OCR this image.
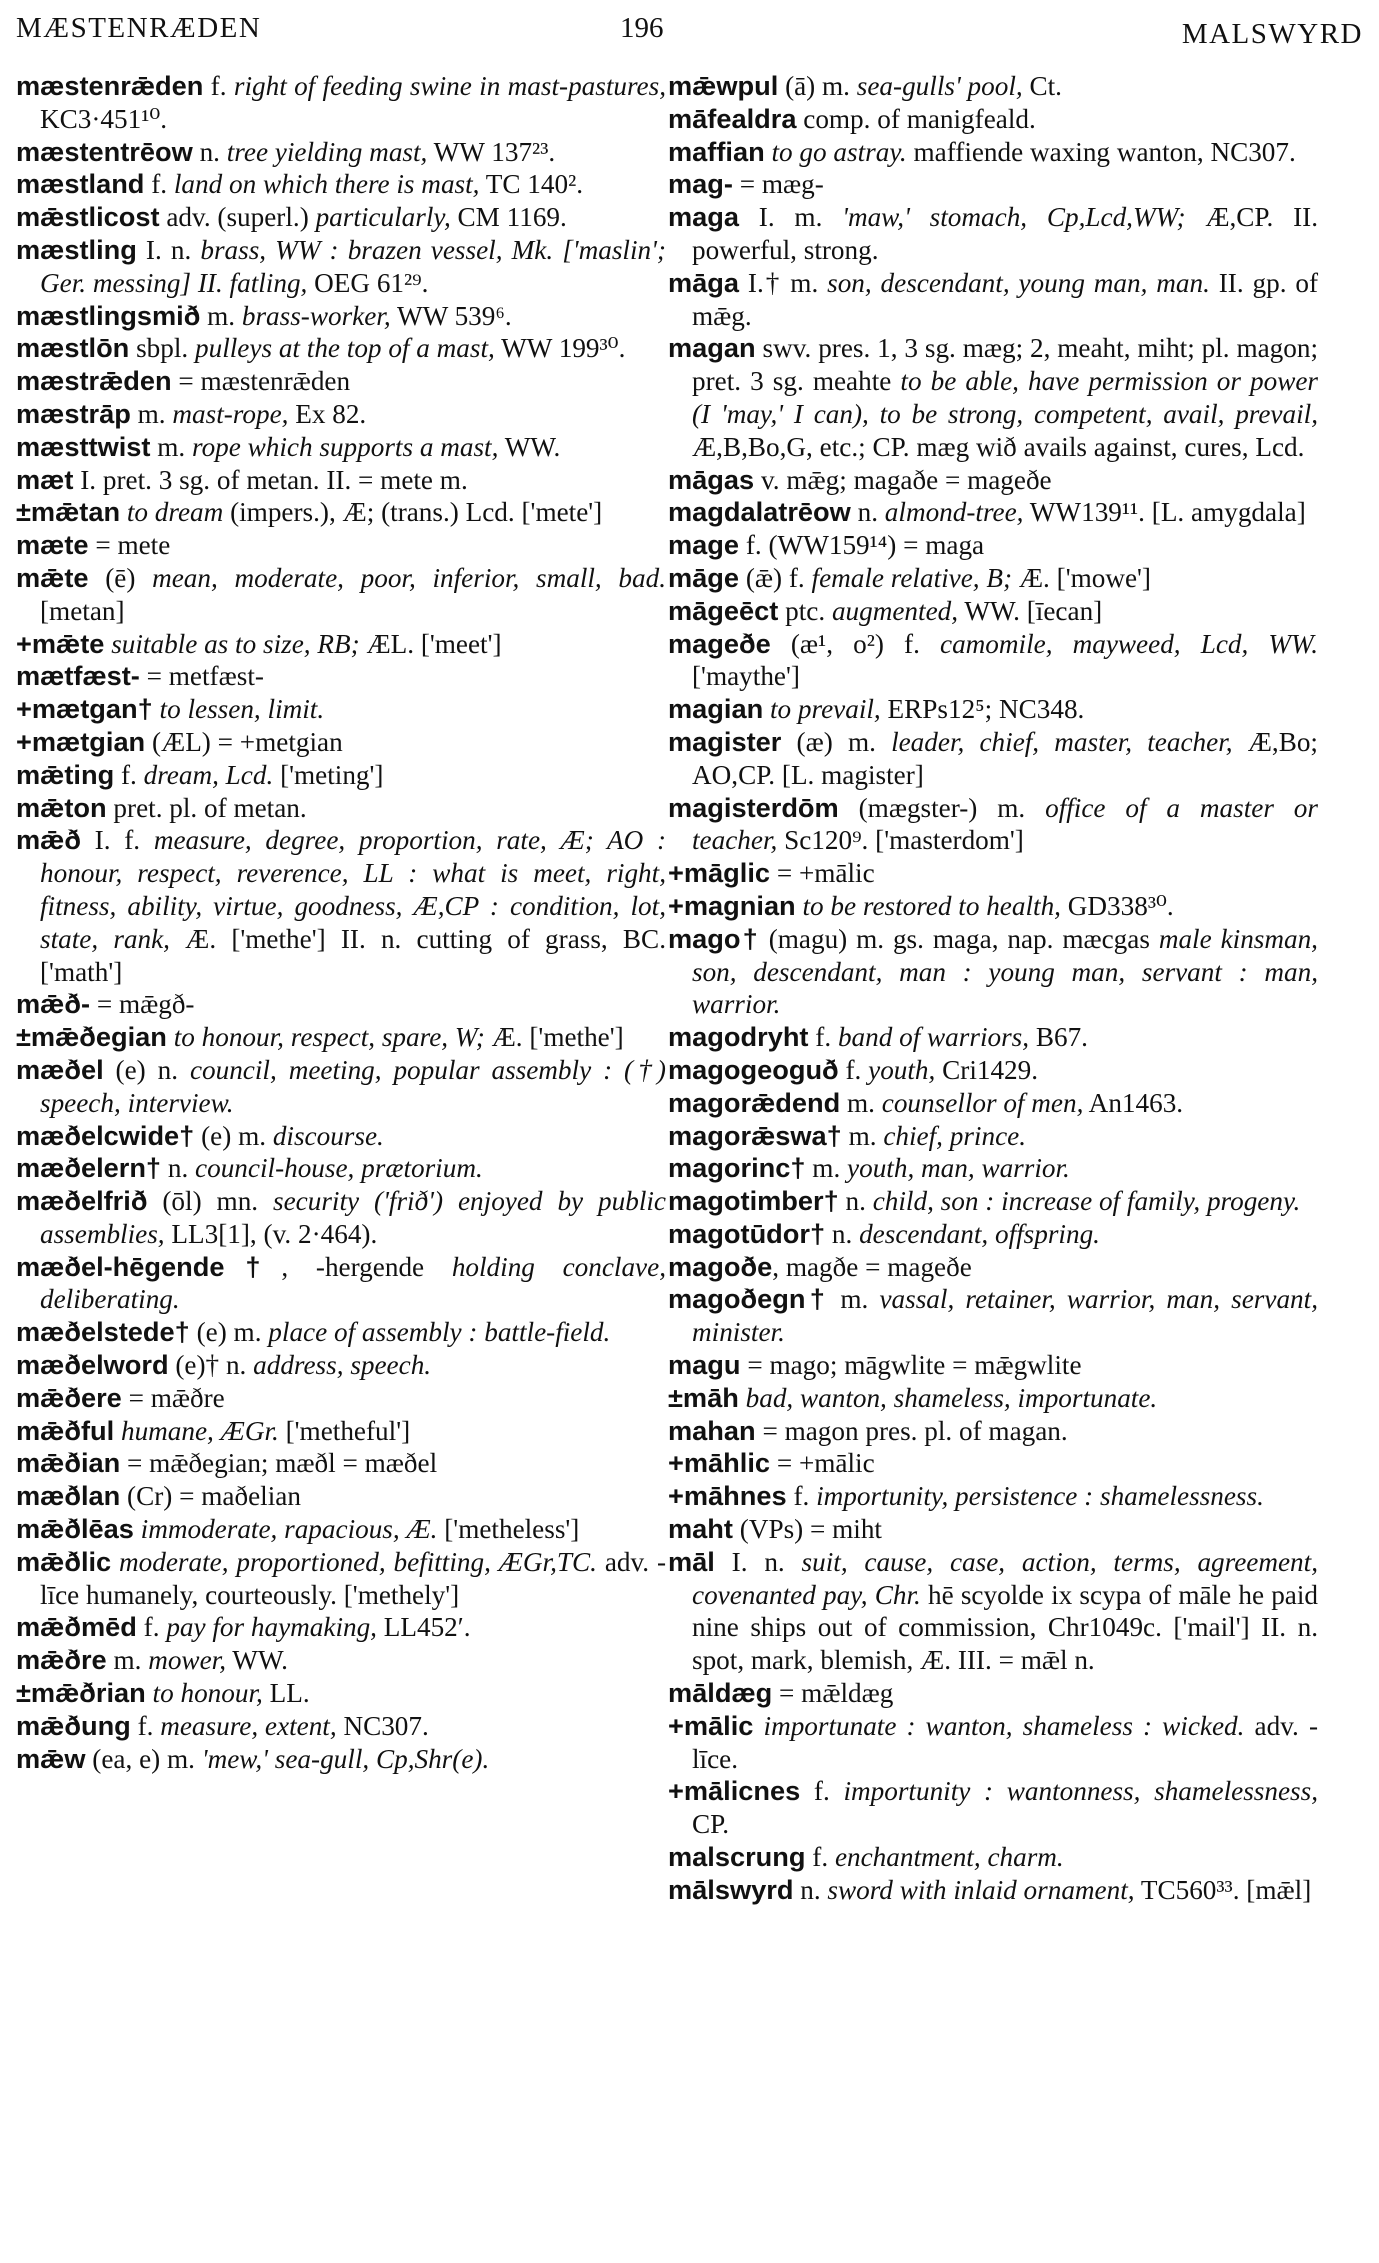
MÆSTENRÆDEN	196	MALSWYRD

mæstenrǣden f. right of feeding swine in mast-pastures, KC3·451¹⁰.

mæstentrēow n. tree yielding mast, WW 137²³.

mæstland f. land on which there is mast, TC 140².

mǣstlicost adv. (superl.) particularly, CM 1169.

mæstling I. n. brass, WW : brazen vessel, Mk. ['maslin'; Ger. messing] II. fatling, OEG 61²⁹.

mæstlingsmið m. brass-worker, WW 539⁶.

mæstlōn sbpl. pulleys at the top of a mast, WW 199³⁰.

mæstrǣden = mæstenrǣden

mæstrāp m. mast-rope, Ex 82.

mæsttwist m. rope which supports a mast, WW.

mæt I. pret. 3 sg. of metan. II. = mete m.

±mǣtan to dream (impers.), Æ; (trans.) Lcd. ['mete']

mæte = mete

mǣte (ē) mean, moderate, poor, inferior, small, bad. [metan]

+mǣte suitable as to size, RB; ÆL. ['meet']

mætfæst- = metfæst-

+mætgan† to lessen, limit.

+mætgian (ÆL) = +metgian

mǣting f. dream, Lcd. ['meting']

mǣton pret. pl. of metan.

mǣð I. f. measure, degree, proportion, rate, Æ; AO : honour, respect, reverence, LL : what is meet, right, fitness, ability, virtue, goodness, Æ,CP : condition, lot, state, rank, Æ. ['methe'] II. n. cutting of grass, BC. ['math']

mǣð- = mǣgð-

±mǣðegian to honour, respect, spare, W; Æ. ['methe']

mæðel (e) n. council, meeting, popular assembly : (†) speech, interview.

mæðelcwide† (e) m. discourse.

mæðelern† n. council-house, prætorium.

mæðelfrið (ōl) mn. security ('frið') enjoyed by public assemblies, LL3[1], (v. 2·464).

mæðel-hēgende†, -hergende holding conclave, deliberating.

mæðelstede† (e) m. place of assembly : battle-field.

mæðelword (e)† n. address, speech.

mǣðere = mǣðre

mǣðful humane, ÆGr. ['metheful']

mǣðian = mǣðegian; mæðl = mæðel

mæðlan (Cr) = maðelian

mǣðlēas immoderate, rapacious, Æ. ['metheless']

mǣðlic moderate, proportioned, befitting, ÆGr,TC. adv. -līce humanely, courteously. ['methely']

mǣðmēd f. pay for haymaking, LL452′.

mǣðre m. mower, WW.

±mǣðrian to honour, LL.

mǣðung f. measure, extent, NC307.

mǣw (ea, e) m. 'mew,' sea-gull, Cp,Shr(e).

mǣwpul (ā) m. sea-gulls' pool, Ct.

māfealdra comp. of manigfeald.

maffian to go astray. maffiende waxing wanton, NC307.

mag- = mæg-

maga I. m. 'maw,' stomach, Cp,Lcd,WW; Æ,CP. II. powerful, strong.

māga I.† m. son, descendant, young man, man. II. gp. of mǣg.

magan swv. pres. 1, 3 sg. mæg; 2, meaht, miht; pl. magon; pret. 3 sg. meahte to be able, have permission or power (I 'may,' I can), to be strong, competent, avail, prevail, Æ,B,Bo,G, etc.; CP. mæg wið avails against, cures, Lcd.

māgas v. mǣg; magaðe = mageðe

magdalatrēow n. almond-tree, WW139¹¹. [L. amygdala]

mage f. (WW159¹⁴) = maga

māge (ǣ) f. female relative, B; Æ. ['mowe']

māgeēct ptc. augmented, WW. [īecan]

mageðe (æ¹, o²) f. camomile, mayweed, Lcd, WW. ['maythe']

magian to prevail, ERPs12⁵; NC348.

magister (æ) m. leader, chief, master, teacher, Æ,Bo; AO,CP. [L. magister]

magisterdōm (mægster-) m. office of a master or teacher, Sc120⁹. ['masterdom']

+māglic = +mālic

+magnian to be restored to health, GD338³⁰.

mago† (magu) m. gs. maga, nap. mæcgas male kinsman, son, descendant, man : young man, servant : man, warrior.

magodryht f. band of warriors, B67.

magogeoguð f. youth, Cri1429.

magorǣdend m. counsellor of men, An1463.

magorǣswa† m. chief, prince.

magorinc† m. youth, man, warrior.

magotimber† n. child, son : increase of family, progeny.

magotūdor† n. descendant, offspring.

magoðe, magðe = mageðe

magoðegn† m. vassal, retainer, warrior, man, servant, minister.

magu = mago; māgwlite = mǣgwlite

±māh bad, wanton, shameless, importunate.

mahan = magon pres. pl. of magan.

+māhlic = +mālic

+māhnes f. importunity, persistence : shamelessness.

maht (VPs) = miht

māl I. n. suit, cause, case, action, terms, agreement, covenanted pay, Chr. hē scyolde ix scypa of māle he paid nine ships out of commission, Chr1049c. ['mail'] II. n. spot, mark, blemish, Æ. III. = mǣl n.

māldæg = mǣldæg

+mālic importunate : wanton, shameless : wicked. adv. -līce.

+mālicnes f. importunity : wantonness, shamelessness, CP.

malscrung f. enchantment, charm.

mālswyrd n. sword with inlaid ornament, TC560³³. [mǣl]
